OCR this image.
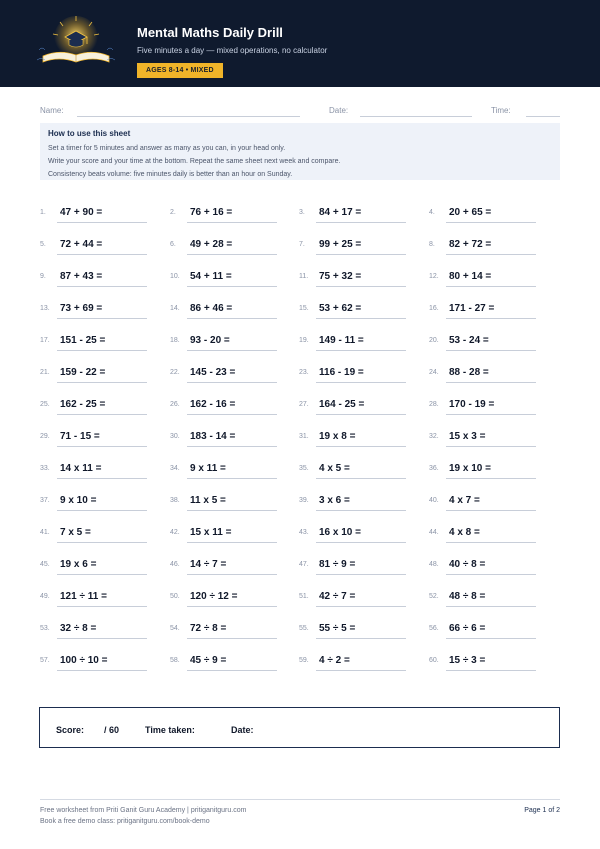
Mental Maths Daily Drill
Five minutes a day — mixed operations, no calculator
AGES 8-14 • MIXED
Name:	Date:	Time:
How to use this sheet
Set a timer for 5 minutes and answer as many as you can, in your head only.
Write your score and your time at the bottom. Repeat the same sheet next week and compare.
Consistency beats volume: five minutes daily is better than an hour on Sunday.
1. 47 + 90 =	2. 76 + 16 =	3. 84 + 17 =	4. 20 + 65 =
5. 72 + 44 =	6. 49 + 28 =	7. 99 + 25 =	8. 82 + 72 =
9. 87 + 43 =	10. 54 + 11 =	11. 75 + 32 =	12. 80 + 14 =
13. 73 + 69 =	14. 86 + 46 =	15. 53 + 62 =	16. 171 - 27 =
17. 151 - 25 =	18. 93 - 20 =	19. 149 - 11 =	20. 53 - 24 =
21. 159 - 22 =	22. 145 - 23 =	23. 116 - 19 =	24. 88 - 28 =
25. 162 - 25 =	26. 162 - 16 =	27. 164 - 25 =	28. 170 - 19 =
29. 71 - 15 =	30. 183 - 14 =	31. 19 x 8 =	32. 15 x 3 =
33. 14 x 11 =	34. 9 x 11 =	35. 4 x 5 =	36. 19 x 10 =
37. 9 x 10 =	38. 11 x 5 =	39. 3 x 6 =	40. 4 x 7 =
41. 7 x 5 =	42. 15 x 11 =	43. 16 x 10 =	44. 4 x 8 =
45. 19 x 6 =	46. 14 ÷ 7 =	47. 81 ÷ 9 =	48. 40 ÷ 8 =
49. 121 ÷ 11 =	50. 120 ÷ 12 =	51. 42 ÷ 7 =	52. 48 ÷ 8 =
53. 32 ÷ 8 =	54. 72 ÷ 8 =	55. 55 ÷ 5 =	56. 66 ÷ 6 =
57. 100 ÷ 10 =	58. 45 ÷ 9 =	59. 4 ÷ 2 =	60. 15 ÷ 3 =
Score: / 60	Time taken:	Date:
Free worksheet from Priti Ganit Guru Academy | pritiganitguru.com
Book a free demo class: pritiganitguru.com/book-demo
Page 1 of 2
